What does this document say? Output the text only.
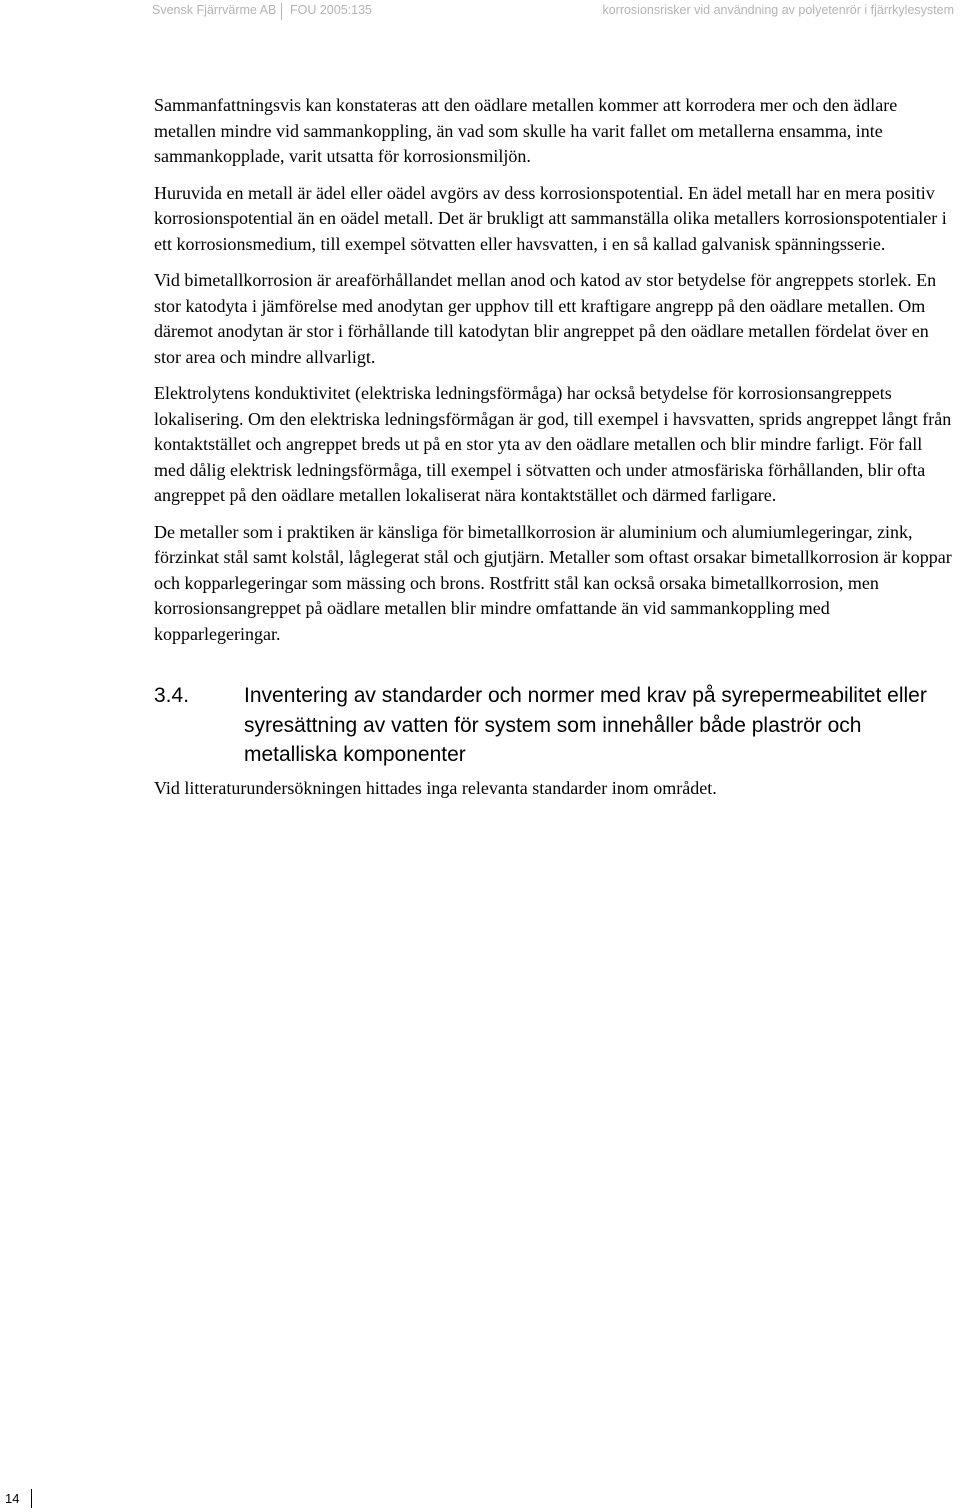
Svensk Fjärrvärme AB FOU 2005:135	korrosionsrisker vid användning av polyetenrör i fjärrkylesystem

Sammanfattningsvis kan konstateras att den oädlare metallen kommer att korrodera mer och den ädlare metallen mindre vid sammankoppling, än vad som skulle ha varit fallet om metallerna ensamma, inte sammankopplade, varit utsatta för korrosionsmiljön.

Huruvida en metall är ädel eller oädel avgörs av dess korrosionspotential. En ädel metall har en mera positiv korrosionspotential än en oädel metall. Det är brukligt att sammanställa olika metallers korrosionspotentialer i ett korrosionsmedium, till exempel sötvatten eller havsvatten, i en så kallad galvanisk spänningsserie.

Vid bimetallkorrosion är areaförhållandet mellan anod och katod av stor betydelse för angreppets storlek. En stor katodyta i jämförelse med anodytan ger upphov till ett kraftigare angrepp på den oädlare metallen. Om däremot anodytan är stor i förhållande till katodytan blir angreppet på den oädlare metallen fördelat över en stor area och mindre allvarligt.

Elektrolytens konduktivitet (elektriska ledningsförmåga) har också betydelse för korrosionsangreppets lokalisering. Om den elektriska ledningsförmågan är god, till exempel i havsvatten, sprids angreppet långt från kontaktstället och angreppet breds ut på en stor yta av den oädlare metallen och blir mindre farligt. För fall med dålig elektrisk ledningsförmåga, till exempel i sötvatten och under atmosfäriska förhållanden, blir ofta angreppet på den oädlare metallen lokaliserat nära kontaktstället och därmed farligare.

De metaller som i praktiken är känsliga för bimetallkorrosion är aluminium och alumiumlegeringar, zink, förzinkat stål samt kolstål, låglegerat stål och gjutjärn. Metaller som oftast orsakar bimetallkorrosion är koppar och kopparlegeringar som mässing och brons. Rostfritt stål kan också orsaka bimetallkorrosion, men korrosionsangreppet på oädlare metallen blir mindre omfattande än vid sammankoppling med kopparlegeringar.

3.4.	Inventering av standarder och normer med krav på syrepermeabilitet eller syresättning av vatten för system som innehåller både plaströr och metalliska komponenter

Vid litteraturundersökningen hittades inga relevanta standarder inom området.

14
